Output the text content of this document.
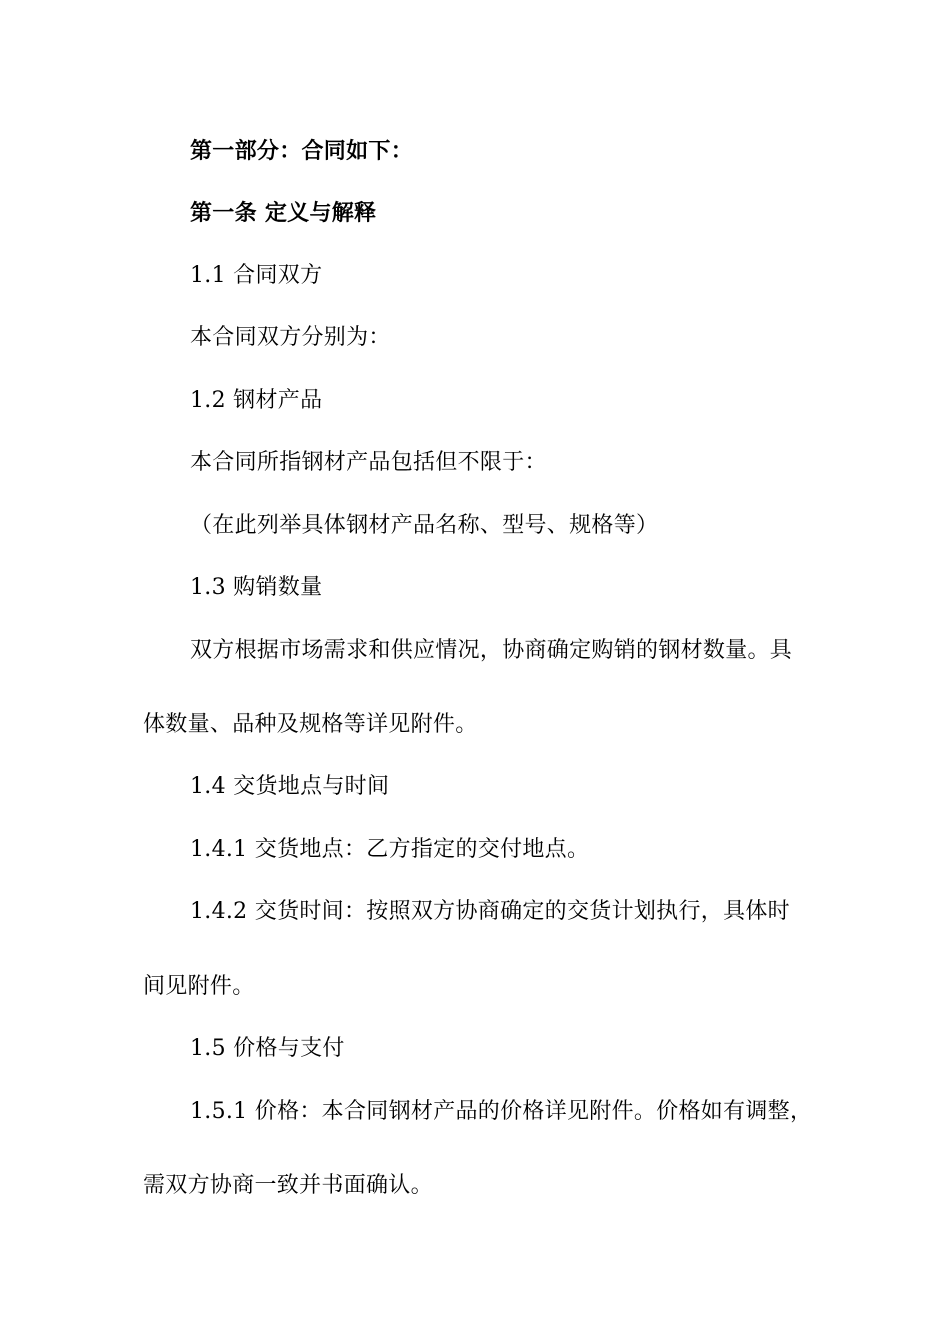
第一部分：合同如下：
第一条 定义与解释
1.1 合同双方
本合同双方分别为：
1.2 钢材产品
本合同所指钢材产品包括但不限于：
（在此列举具体钢材产品名称、型号、规格等）
1.3 购销数量
双方根据市场需求和供应情况，协商确定购销的钢材数量。具
体数量、品种及规格等详见附件。
1.4 交货地点与时间
1.4.1 交货地点：乙方指定的交付地点。
1.4.2 交货时间：按照双方协商确定的交货计划执行，具体时
间见附件。
1.5 价格与支付
1.5.1 价格：本合同钢材产品的价格详见附件。价格如有调整，
需双方协商一致并书面确认。
